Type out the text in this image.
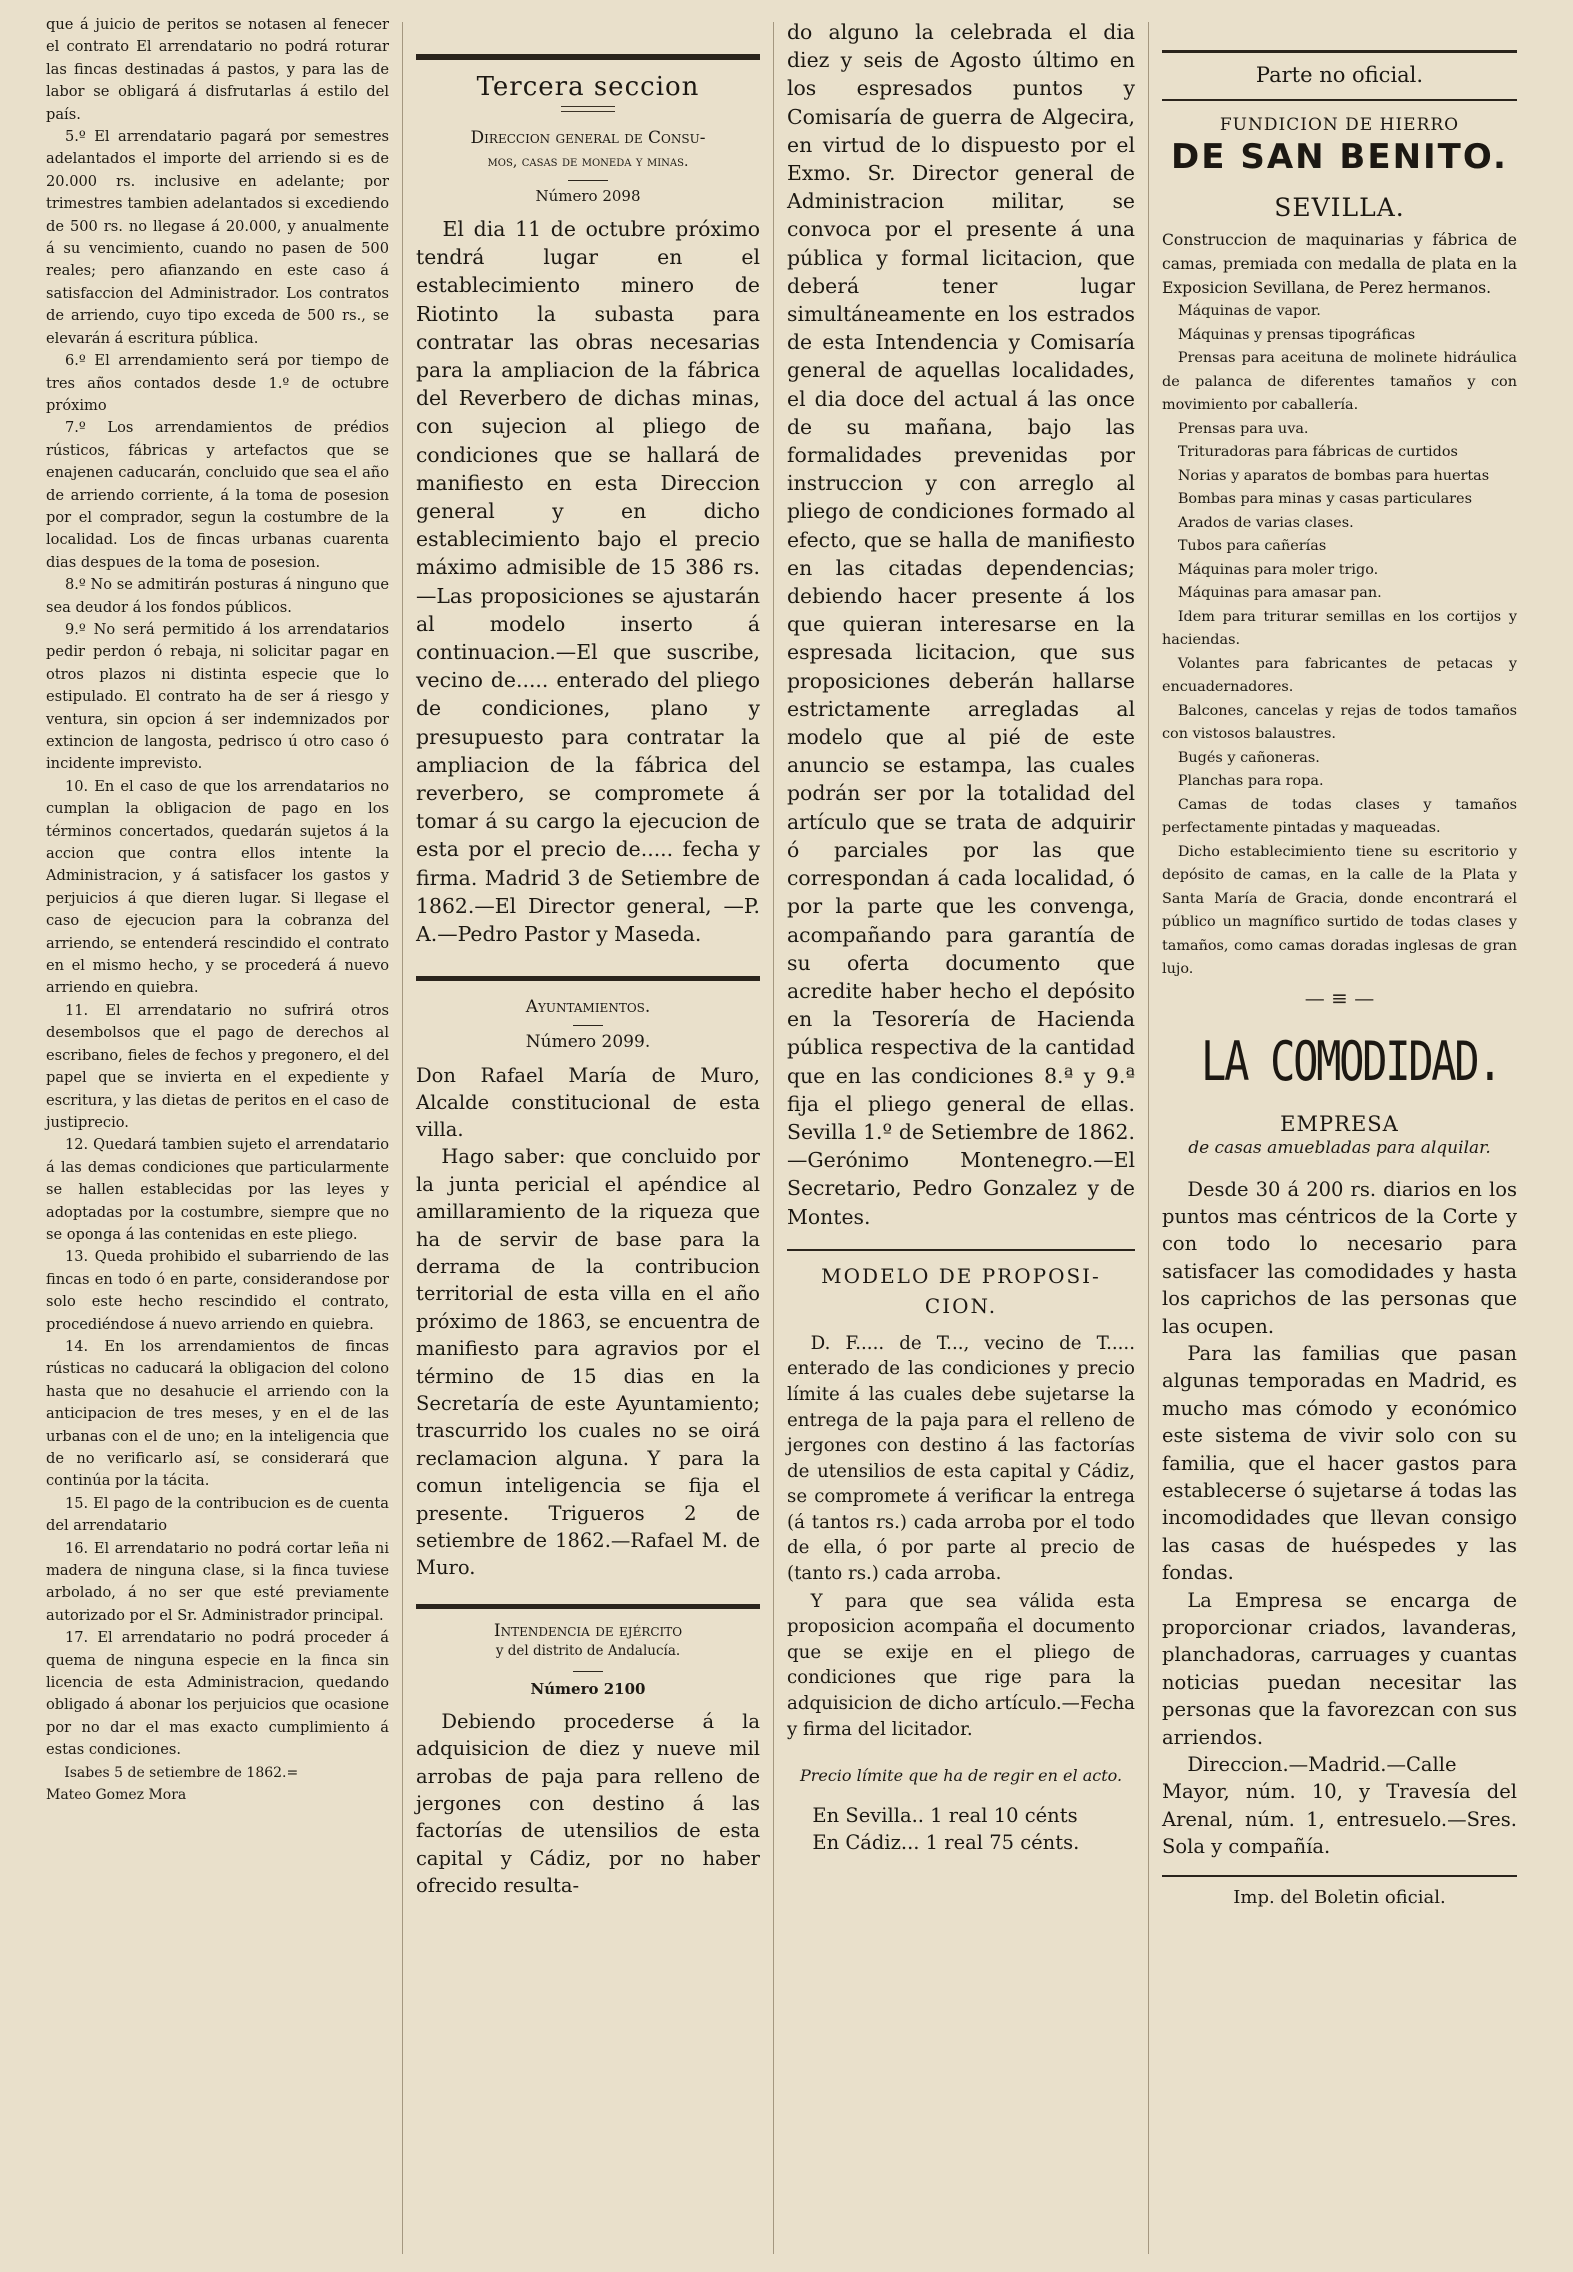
que á juicio de peritos se notasen al fenecer el contrato El arrendatario no podrá roturar las fincas destinadas á pastos, y para las de labor se obligará á disfrutarlas á estilo del país.

5.º El arrendatario pagará por semestres adelantados el importe del arriendo si es de 20.000 rs. inclusive en adelante; por trimestres tambien adelantados si excediendo de 500 rs. no llegase á 20.000, y anualmente á su vencimiento, cuando no pasen de 500 reales; pero afianzando en este caso á satisfaccion del Administrador. Los contratos de arriendo, cuyo tipo exceda de 500 rs., se elevarán á escritura pública.

6.º El arrendamiento será por tiempo de tres años contados desde 1.º de octubre próximo

7.º Los arrendamientos de prédios rústicos, fábricas y artefactos que se enajenen caducarán, concluido que sea el año de arriendo corriente, á la toma de posesion por el comprador, segun la costumbre de la localidad. Los de fincas urbanas cuarenta dias despues de la toma de posesion.

8.º No se admitirán posturas á ninguno que sea deudor á los fondos públicos.

9.º No será permitido á los arrendatarios pedir perdon ó rebaja, ni solicitar pagar en otros plazos ni distinta especie que lo estipulado. El contrato ha de ser á riesgo y ventura, sin opcion á ser indemnizados por extincion de langosta, pedrisco ú otro caso ó incidente imprevisto.

10. En el caso de que los arrendatarios no cumplan la obligacion de pago en los términos concertados, quedarán sujetos á la accion que contra ellos intente la Administracion, y á satisfacer los gastos y perjuicios á que dieren lugar. Si llegase el caso de ejecucion para la cobranza del arriendo, se entenderá rescindido el contrato en el mismo hecho, y se procederá á nuevo arriendo en quiebra.

11. El arrendatario no sufrirá otros desembolsos que el pago de derechos al escribano, fieles de fechos y pregonero, el del papel que se invierta en el expediente y escritura, y las dietas de peritos en el caso de justiprecio.

12. Quedará tambien sujeto el arrendatario á las demas condiciones que particularmente se hallen establecidas por las leyes y adoptadas por la costumbre, siempre que no se oponga á las contenidas en este pliego.

13. Queda prohibido el subarriendo de las fincas en todo ó en parte, considerandose por solo este hecho rescindido el contrato, procediéndose á nuevo arriendo en quiebra.

14. En los arrendamientos de fincas rústicas no caducará la obligacion del colono hasta que no desahucie el arriendo con la anticipacion de tres meses, y en el de las urbanas con el de uno; en la inteligencia que de no verificarlo así, se considerará que continúa por la tácita.

15. El pago de la contribucion es de cuenta del arrendatario

16. El arrendatario no podrá cortar leña ni madera de ninguna clase, si la finca tuviese arbolado, á no ser que esté previamente autorizado por el Sr. Administrador principal.

17. El arrendatario no podrá proceder á quema de ninguna especie en la finca sin licencia de esta Administracion, quedando obligado á abonar los perjuicios que ocasione por no dar el mas exacto cumplimiento á estas condiciones.

Isabes 5 de setiembre de 1862.=

Mateo Gomez Mora

Tercera seccion
Direccion general de Consu-
mos, casas de moneda y minas.
Número 2098

El dia 11 de octubre próximo tendrá lugar en el establecimiento minero de Riotinto la subasta para contratar las obras necesarias para la ampliacion de la fábrica del Reverbero de dichas minas, con sujecion al pliego de condiciones que se hallará de manifiesto en esta Direccion general y en dicho establecimiento bajo el precio máximo admisible de 15 386 rs. —Las proposiciones se ajustarán al modelo inserto á continuacion.—El que suscribe, vecino de..... enterado del pliego de condiciones, plano y presupuesto para contratar la ampliacion de la fábrica del reverbero, se compromete á tomar á su cargo la ejecucion de esta por el precio de..... fecha y firma. Madrid 3 de Setiembre de 1862.—El Director general, —P. A.—Pedro Pastor y Maseda.

Ayuntamientos.
Número 2099.

Don Rafael María de Muro, Alcalde constitucional de esta villa.

Hago saber: que concluido por la junta pericial el apéndice al amillaramiento de la riqueza que ha de servir de base para la derrama de la contribucion territorial de esta villa en el año próximo de 1863, se encuentra de manifiesto para agravios por el término de 15 dias en la Secretaría de este Ayuntamiento; trascurrido los cuales no se oirá reclamacion alguna. Y para la comun inteligencia se fija el presente. Trigueros 2 de setiembre de 1862.—Rafael M. de Muro.

Intendencia de ejército
y del distrito de Andalucía.
Número 2100

Debiendo procederse á la adquisicion de diez y nueve mil arrobas de paja para relleno de jergones con destino á las factorías de utensilios de esta capital y Cádiz, por no haber ofrecido resulta-

do alguno la celebrada el dia diez y seis de Agosto último en los espresados puntos y Comisaría de guerra de Algecira, en virtud de lo dispuesto por el Exmo. Sr. Director general de Administracion militar, se convoca por el presente á una pública y formal licitacion, que deberá tener lugar simultáneamente en los estrados de esta Intendencia y Comisaría general de aquellas localidades, el dia doce del actual á las once de su mañana, bajo las formalidades prevenidas por instruccion y con arreglo al pliego de condiciones formado al efecto, que se halla de manifiesto en las citadas dependencias; debiendo hacer presente á los que quieran interesarse en la espresada licitacion, que sus proposiciones deberán hallarse estrictamente arregladas al modelo que al pié de este anuncio se estampa, las cuales podrán ser por la totalidad del artículo que se trata de adquirir ó parciales por las que correspondan á cada localidad, ó por la parte que les convenga, acompañando para garantía de su oferta documento que acredite haber hecho el depósito en la Tesorería de Hacienda pública respectiva de la cantidad que en las condiciones 8.ª y 9.ª fija el pliego general de ellas. Sevilla 1.º de Setiembre de 1862.—Gerónimo Montenegro.—El Secretario, Pedro Gonzalez y de Montes.

MODELO DE PROPOSI-
CION.

D. F..... de T..., vecino de T..... enterado de las condiciones y precio límite á las cuales debe sujetarse la entrega de la paja para el relleno de jergones con destino á las factorías de utensilios de esta capital y Cádiz, se compromete á verificar la entrega (á tantos rs.) cada arroba por el todo de ella, ó por parte al precio de (tanto rs.) cada arroba.

Y para que sea válida esta proposicion acompaña el documento que se exije en el pliego de condiciones que rige para la adquisicion de dicho artículo.—Fecha y firma del licitador.

Precio límite que ha de regir en el acto.

En Sevilla.. 1 real 10 cénts

En Cádiz... 1 real 75 cénts.

Parte no oficial.
FUNDICION DE HIERRO
DE SAN BENITO.
SEVILLA.

Construccion de maquinarias y fábrica de camas, premiada con medalla de plata en la Exposicion Sevillana, de Perez hermanos.

Máquinas de vapor.

Máquinas y prensas tipográficas

Prensas para aceituna de molinete hidráulica de palanca de diferentes tamaños y con movimiento por caballería.

Prensas para uva.

Trituradoras para fábricas de curtidos

Norias y aparatos de bombas para huertas

Bombas para minas y casas particulares

Arados de varias clases.

Tubos para cañerías

Máquinas para moler trigo.

Máquinas para amasar pan.

Idem para triturar semillas en los cortijos y haciendas.

Volantes para fabricantes de petacas y encuadernadores.

Balcones, cancelas y rejas de todos tamaños con vistosos balaustres.

Bugés y cañoneras.

Planchas para ropa.

Camas de todas clases y tamaños perfectamente pintadas y maqueadas.

Dicho establecimiento tiene su escritorio y depósito de camas, en la calle de la Plata y Santa María de Gracia, donde encontrará el público un magnífico surtido de todas clases y tamaños, como camas doradas inglesas de gran lujo.

— ≡ —
LA COMODIDAD.
EMPRESA
de casas amuebladas para alquilar.

Desde 30 á 200 rs. diarios en los puntos mas céntricos de la Corte y con todo lo necesario para satisfacer las comodidades y hasta los caprichos de las personas que las ocupen.

Para las familias que pasan algunas temporadas en Madrid, es mucho mas cómodo y económico este sistema de vivir solo con su familia, que el hacer gastos para establecerse ó sujetarse á todas las incomodidades que llevan consigo las casas de huéspedes y las fondas.

La Empresa se encarga de proporcionar criados, lavanderas, planchadoras, carruages y cuantas noticias puedan necesitar las personas que la favorezcan con sus arriendos.

Direccion.—Madrid.—Calle Mayor, núm. 10, y Travesía del Arenal, núm. 1, entresuelo.—Sres. Sola y compañía.

Imp. del Boletin oficial.
